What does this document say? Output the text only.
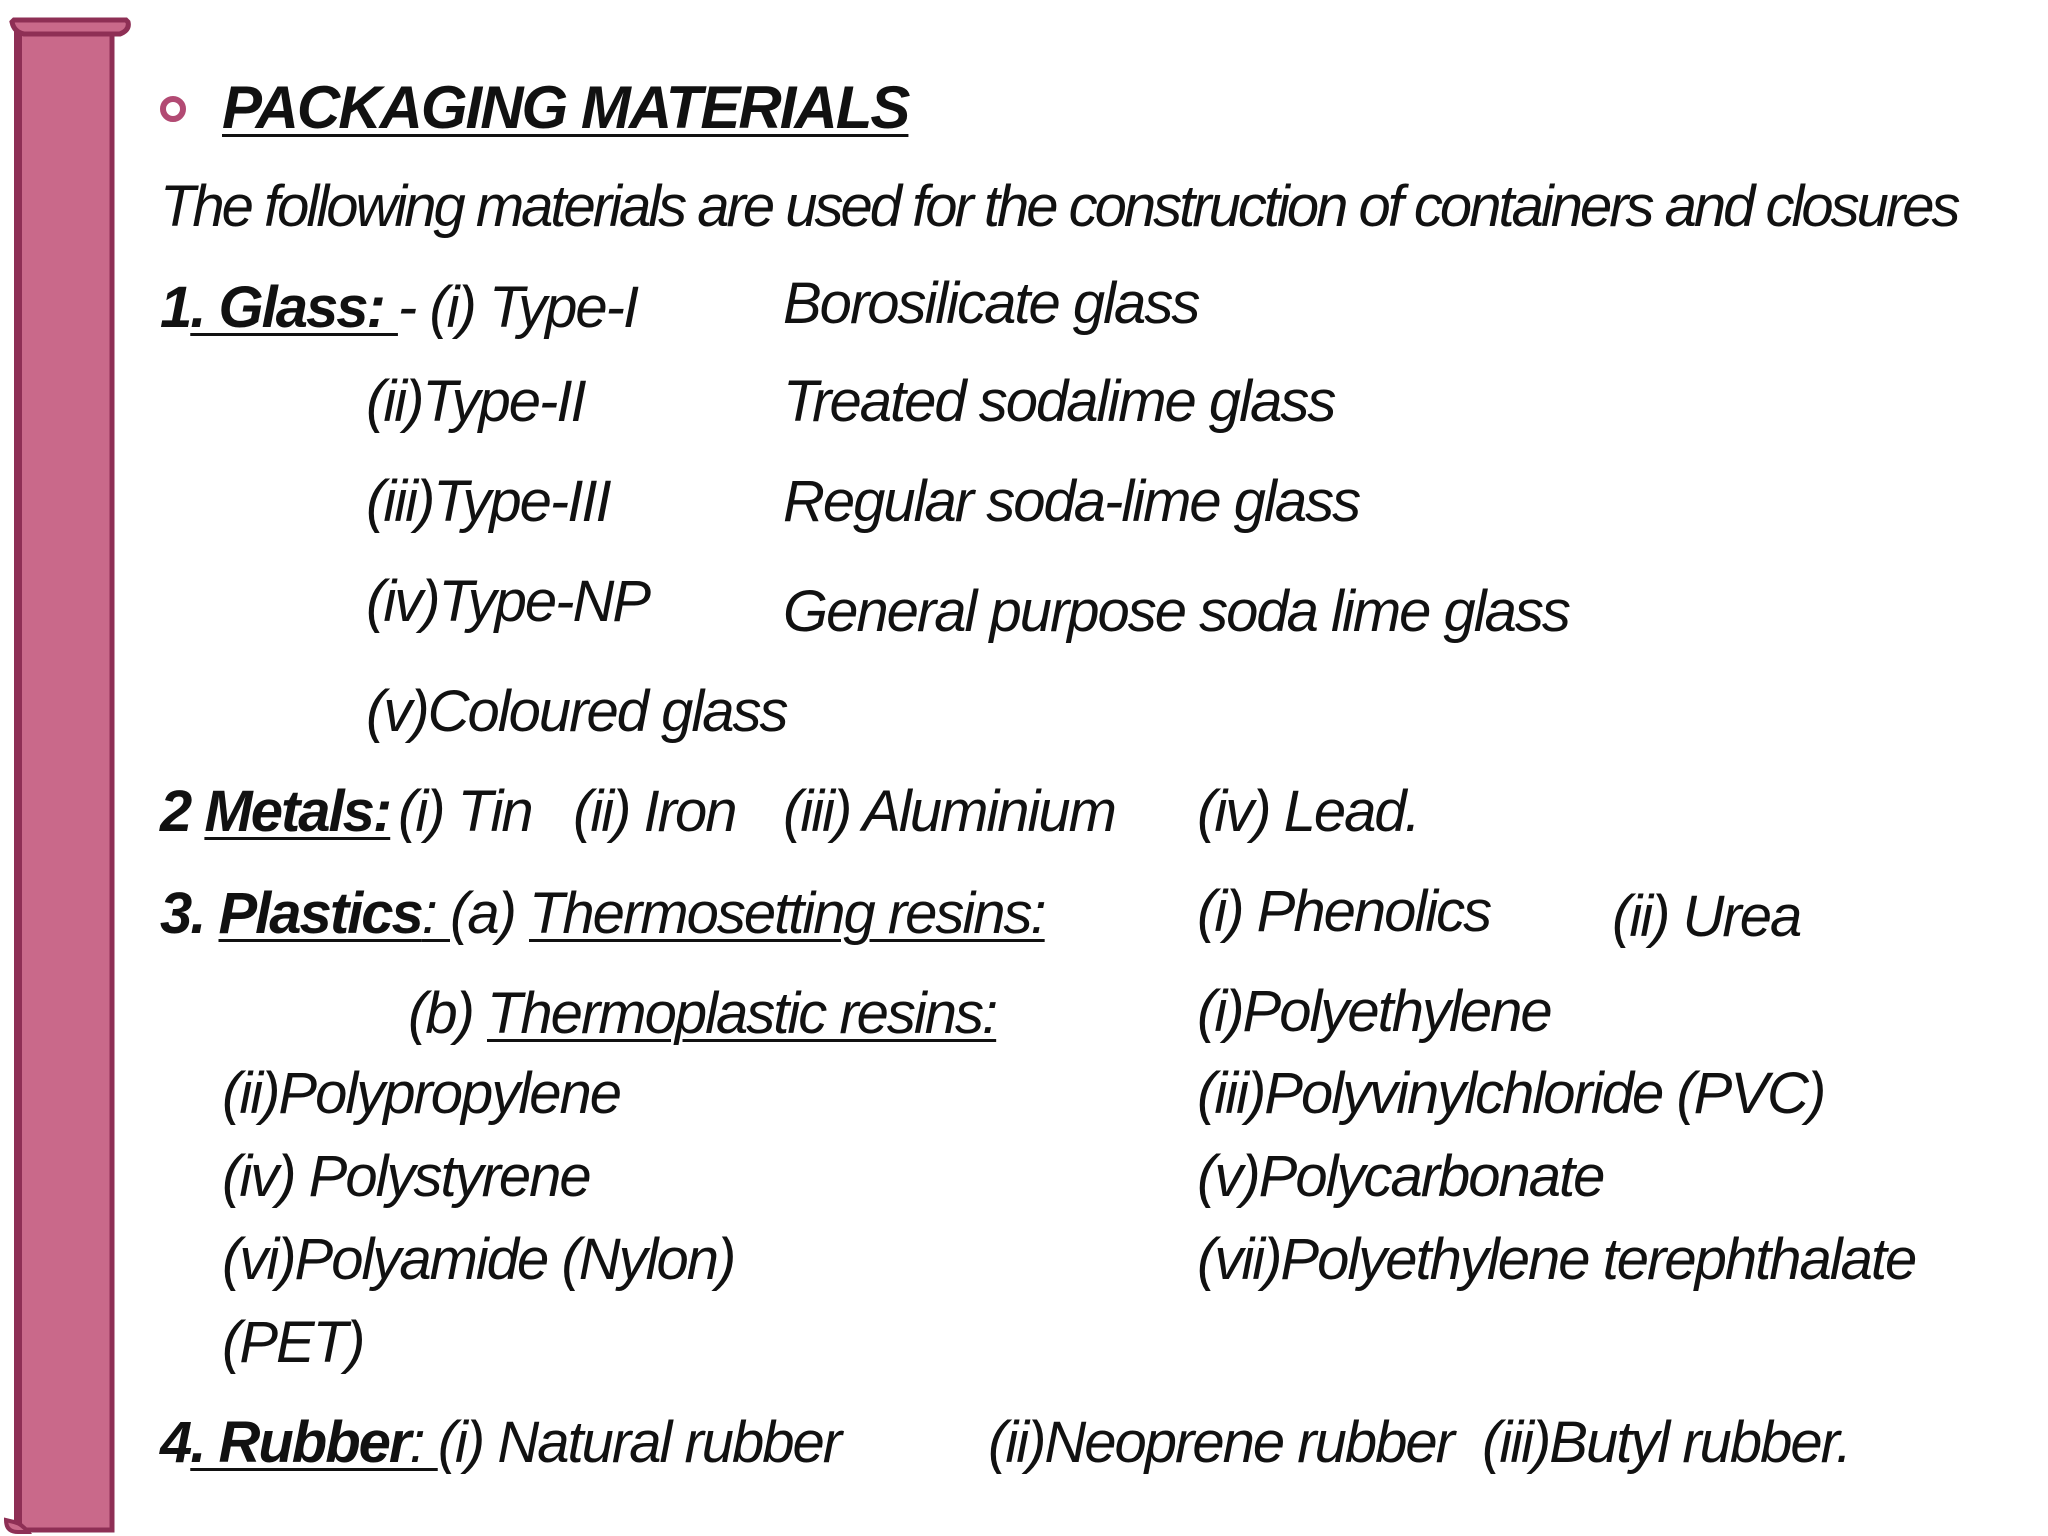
PACKAGING MATERIALS
The following materials are used for the construction of containers and closures
1. Glass: - (i) Type-I	Borosilicate glass
(ii)Type-II	Treated sodalime glass
(iii)Type-III	Regular soda-lime glass
(iv)Type-NP General purpose soda lime glass
(v)Coloured glass
2 Metals: (i) Tin (ii) Iron (iii) Aluminium (iv) Lead.
3. Plastics: (a) Thermosetting resins:	(i) Phenolics (ii) Urea
(b) Thermoplastic resins:	(i)Polyethylene
(ii)Polypropylene	(iii)Polyvinylchloride (PVC)
(iv) Polystyrene	(v)Polycarbonate
(vi)Polyamide (Nylon)	(vii)Polyethylene terephthalate
(PET)
4. Rubber: (i) Natural rubber	(ii)Neoprene rubber (iii)Butyl rubber.
